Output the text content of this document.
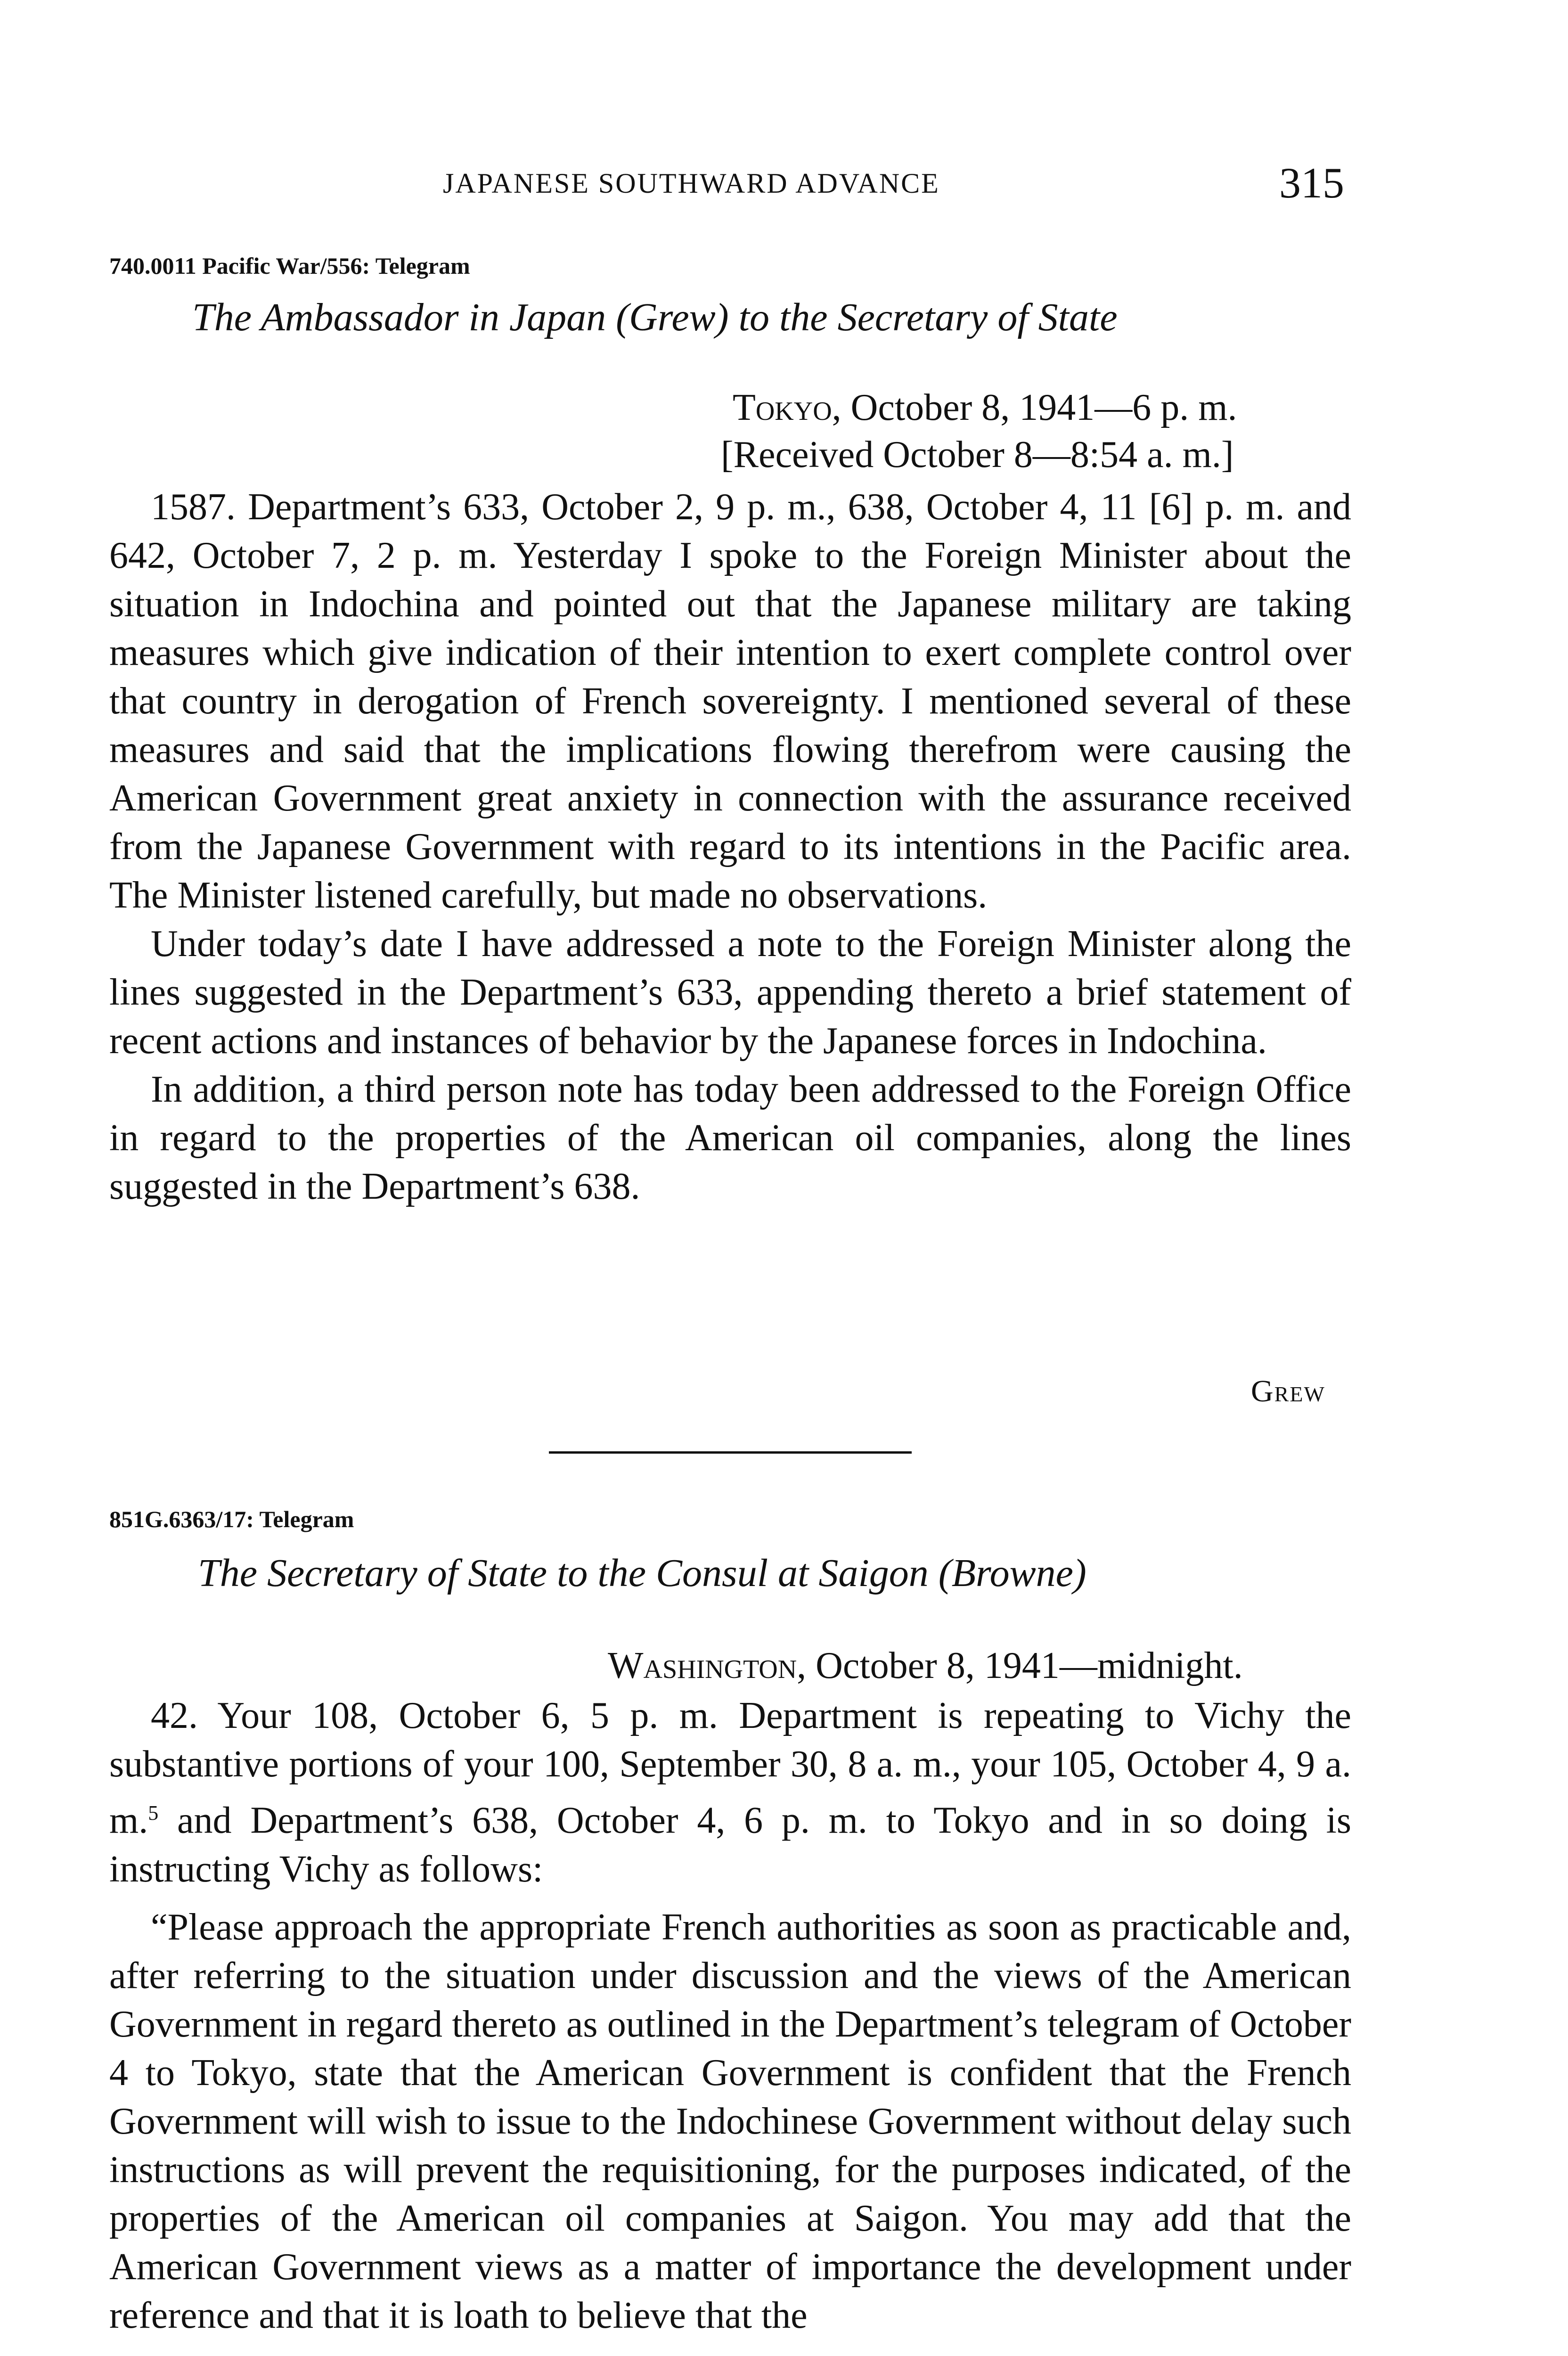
JAPANESE SOUTHWARD ADVANCE	315
740.0011 Pacific War/556: Telegram
The Ambassador in Japan (Grew) to the Secretary of State
Tokyo, October 8, 1941—6 p. m.
[Received October 8—8:54 a. m.]

1587. Department’s 633, October 2, 9 p. m., 638, October 4, 11 [6] p. m. and 642, October 7, 2 p. m. Yesterday I spoke to the Foreign Minister about the situation in Indochina and pointed out that the Japanese military are taking measures which give indication of their intention to exert complete control over that country in derogation of French sovereignty. I mentioned several of these measures and said that the implications flowing therefrom were causing the American Government great anxiety in connection with the assurance received from the Japanese Government with regard to its intentions in the Pacific area. The Minister listened carefully, but made no observations.

Under today’s date I have addressed a note to the Foreign Minister along the lines suggested in the Department’s 633, appending thereto a brief statement of recent actions and instances of behavior by the Japanese forces in Indochina.

In addition, a third person note has today been addressed to the Foreign Office in regard to the properties of the American oil companies, along the lines suggested in the Department’s 638.

Grew
851G.6363/17: Telegram
The Secretary of State to the Consul at Saigon (Browne)
Washington, October 8, 1941—midnight.

42. Your 108, October 6, 5 p. m. Department is repeating to Vichy the substantive portions of your 100, September 30, 8 a. m., your 105, October 4, 9 a. m.$^5$ and Department’s 638, October 4, 6 p. m. to Tokyo and in so doing is instructing Vichy as follows:

“Please approach the appropriate French authorities as soon as practicable and, after referring to the situation under discussion and the views of the American Government in regard thereto as outlined in the Department’s telegram of October 4 to Tokyo, state that the American Government is confident that the French Government will wish to issue to the Indochinese Government without delay such instructions as will prevent the requisitioning, for the purposes indicated, of the properties of the American oil companies at Saigon. You may add that the American Government views as a matter of importance the development under reference and that it is loath to believe that the
